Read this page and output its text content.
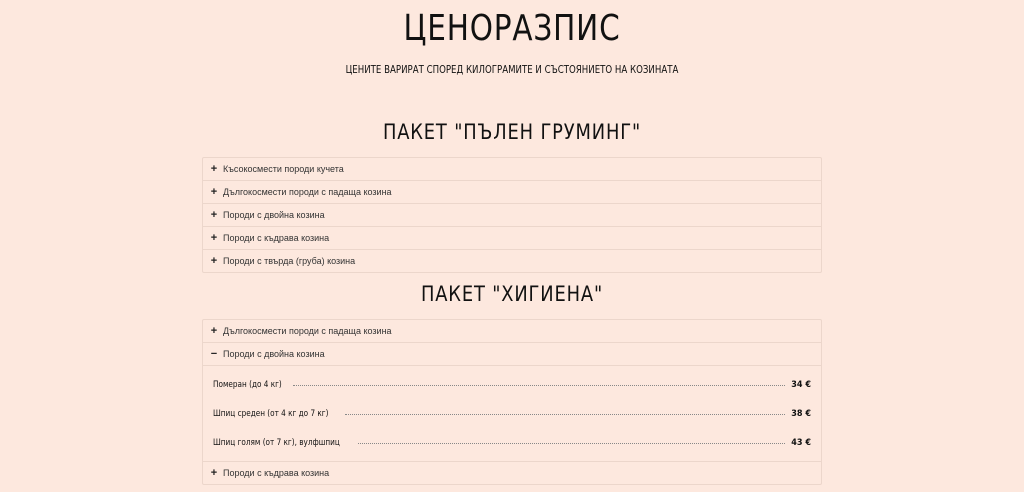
ЦЕНОРАЗПИС

ЦЕНИТЕ ВАРИРАТ СПОРЕД КИЛОГРАМИТЕ И СЪСТОЯНИЕТО НА КОЗИНАТА

ПАКЕТ "ПЪЛЕН ГРУМИНГ"
+ Късокосмести породи кучета
+ Дългокосмести породи с падаща козина
+ Породи с двойна козина
+ Породи с къдрава козина
+ Породи с твърда (груба) козина
ПАКЕТ "ХИГИЕНА"
+ Дългокосмести породи с падаща козина
− Породи с двойна козина
Померан (до 4 кг)	34 €
Шпиц среден (от 4 кг до 7 кг)	38 €
Шпиц голям (от 7 кг), вулфшпиц	43 €
+ Породи с къдрава козина
